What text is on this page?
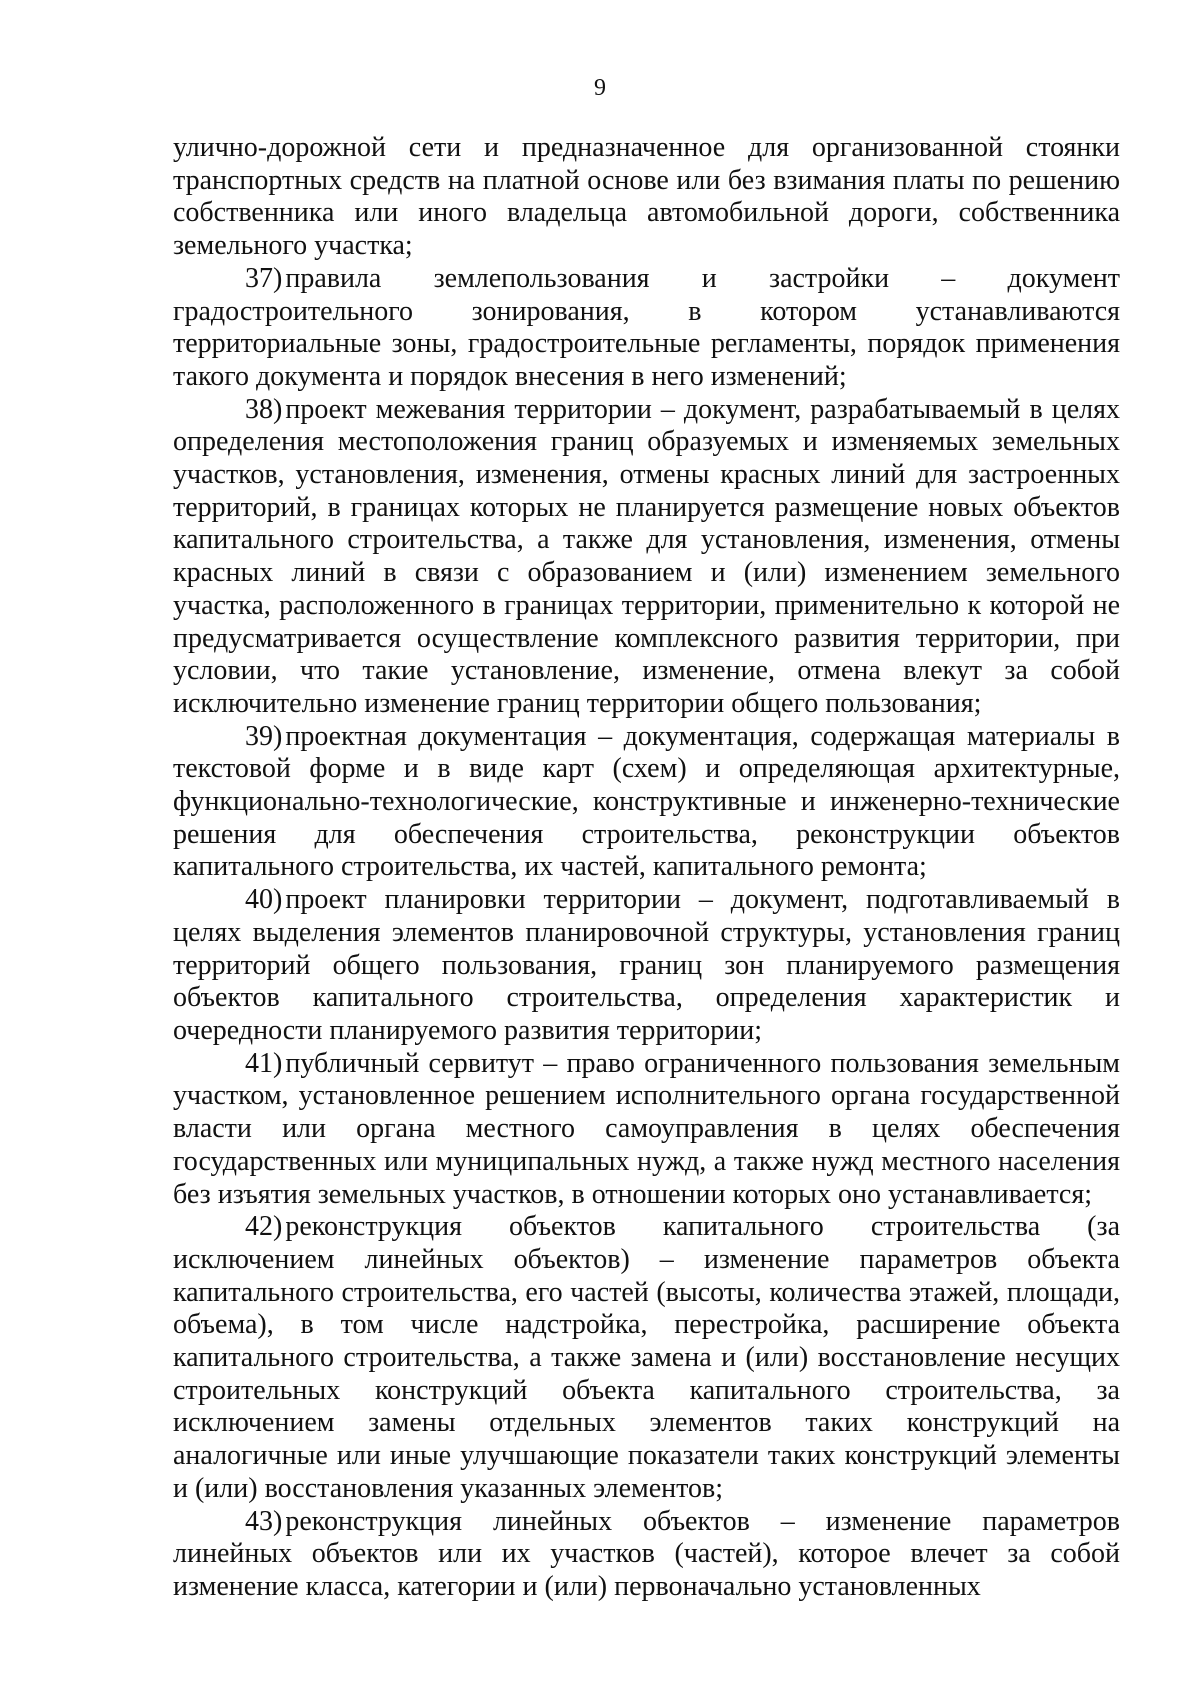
9

улично-дорожной сети и предназначенное для организованной стоянки транспортных средств на платной основе или без взимания платы по решению собственника или иного владельца автомобильной дороги, собственника земельного участка;

37) правила землепользования и застройки – документ градостроительного зонирования, в котором устанавливаются территориальные зоны, градостроительные регламенты, порядок применения такого документа и порядок внесения в него изменений;

38) проект межевания территории – документ, разрабатываемый в целях определения местоположения границ образуемых и изменяемых земельных участков, установления, изменения, отмены красных линий для застроенных территорий, в границах которых не планируется размещение новых объектов капитального строительства, а также для установления, изменения, отмены красных линий в связи с образованием и (или) изменением земельного участка, расположенного в границах территории, применительно к которой не предусматривается осуществление комплексного развития территории, при условии, что такие установление, изменение, отмена влекут за собой исключительно изменение границ территории общего пользования;

39) проектная документация – документация, содержащая материалы в текстовой форме и в виде карт (схем) и определяющая архитектурные, функционально-технологические, конструктивные и инженерно-технические решения для обеспечения строительства, реконструкции объектов капитального строительства, их частей, капитального ремонта;

40) проект планировки территории – документ, подготавливаемый в целях выделения элементов планировочной структуры, установления границ территорий общего пользования, границ зон планируемого размещения объектов капитального строительства, определения характеристик и очередности планируемого развития территории;

41) публичный сервитут – право ограниченного пользования земельным участком, установленное решением исполнительного органа государственной власти или органа местного самоуправления в целях обеспечения государственных или муниципальных нужд, а также нужд местного населения без изъятия земельных участков, в отношении которых оно устанавливается;

42) реконструкция объектов капитального строительства (за исключением линейных объектов) – изменение параметров объекта капитального строительства, его частей (высоты, количества этажей, площади, объема), в том числе надстройка, перестройка, расширение объекта капитального строительства, а также замена и (или) восстановление несущих строительных конструкций объекта капитального строительства, за исключением замены отдельных элементов таких конструкций на аналогичные или иные улучшающие показатели таких конструкций элементы и (или) восстановления указанных элементов;

43) реконструкция линейных объектов – изменение параметров линейных объектов или их участков (частей), которое влечет за собой изменение класса, категории и (или) первоначально установленных
